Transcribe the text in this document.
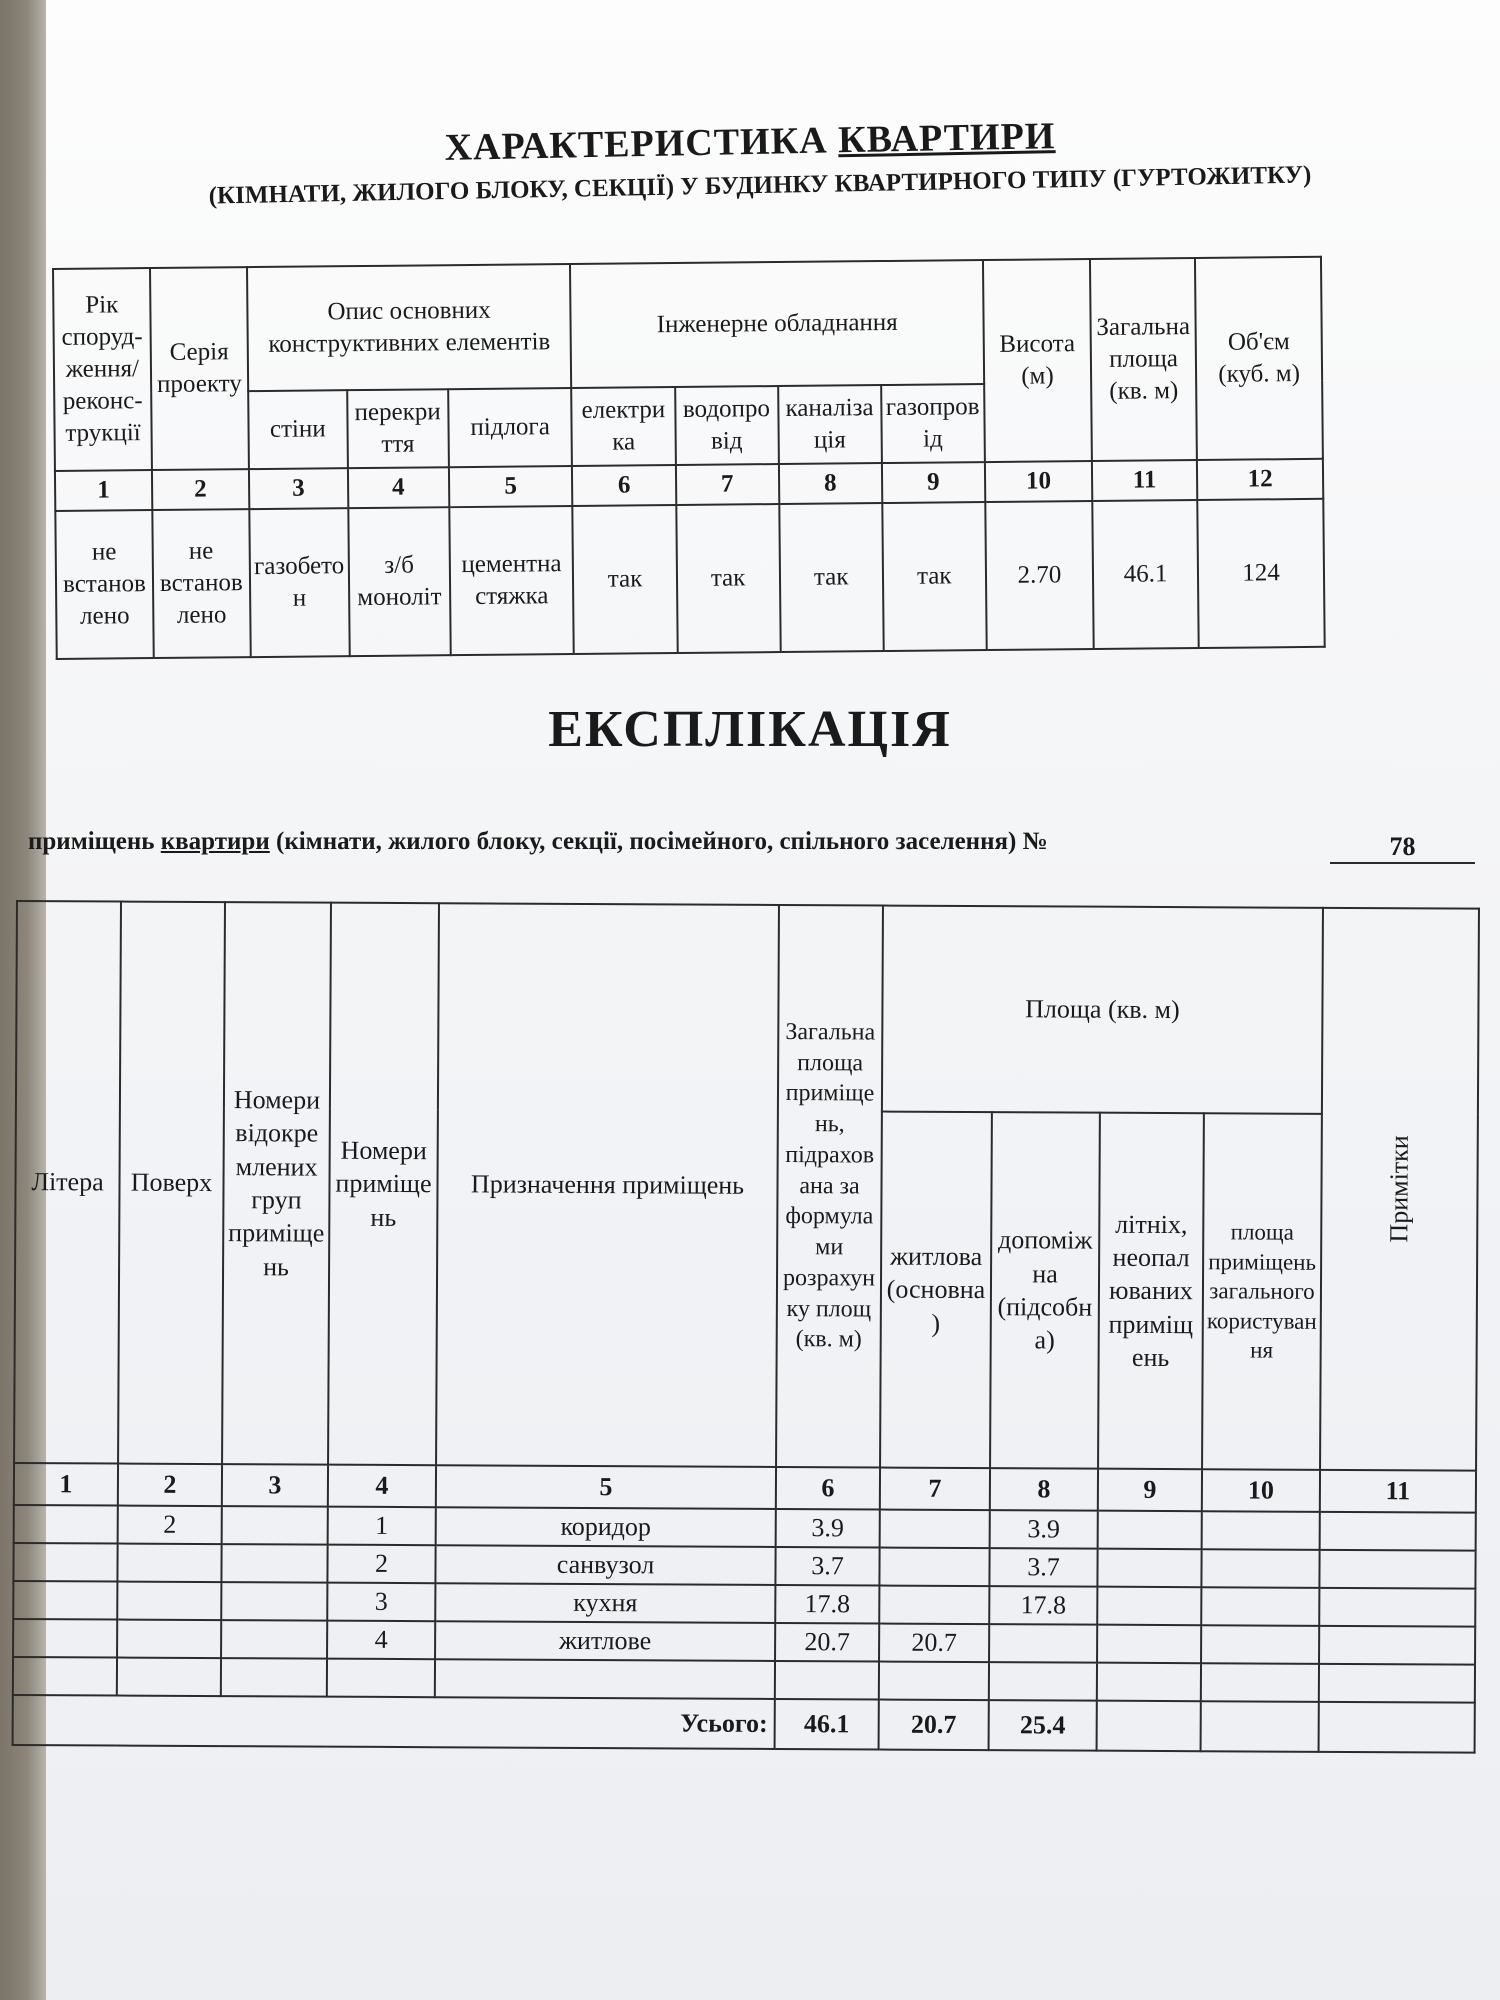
ХАРАКТЕРИСТИКА КВАРТИРИ
(КІМНАТИ, ЖИЛОГО БЛОКУ, СЕКЦІЇ) У БУДИНКУ КВАРТИРНОГО ТИПУ (ГУРТОЖИТКУ)
Рік споруд-ження/ реконс-трукції	Серія проекту	Опис основних конструктивних елементів			Інженерне обладнання				Висота (м)	Загальна площа (кв. м)	Об'єм (куб. м)
		стіни	перекриття	підлога	електрика	водопровід	каналізація	газопровід			
1	2	3	4	5	6	7	8	9	10	11	12
не встановлено	не встановлено	газобетон	з/б моноліт	цементна стяжка	так	так	так	так	2.70	46.1	124
ЕКСПЛІКАЦІЯ
приміщень квартири (кімнати, жилого блоку, секції, посімейного, спільного заселення) №	78
Літера	Поверх	Номери відокремлених груп приміщень	Номери приміщень	Призначення приміщень	Загальна площа приміщень, підрахована за формулами розрахунку площ (кв. м)	Площа (кв. м)				Примітки
						житлова (основна)	допоміжна (підсобна)	літніх, неопалюваних приміщень	площа приміщень загального користування	
1	2	3	4	5	6	7	8	9	10	11
	2		1	коридор	3.9		3.9			
			2	санвузол	3.7		3.7			
			3	кухня	17.8		17.8			
			4	житлове	20.7	20.7				

Усього:					46.1	20.7	25.4			
